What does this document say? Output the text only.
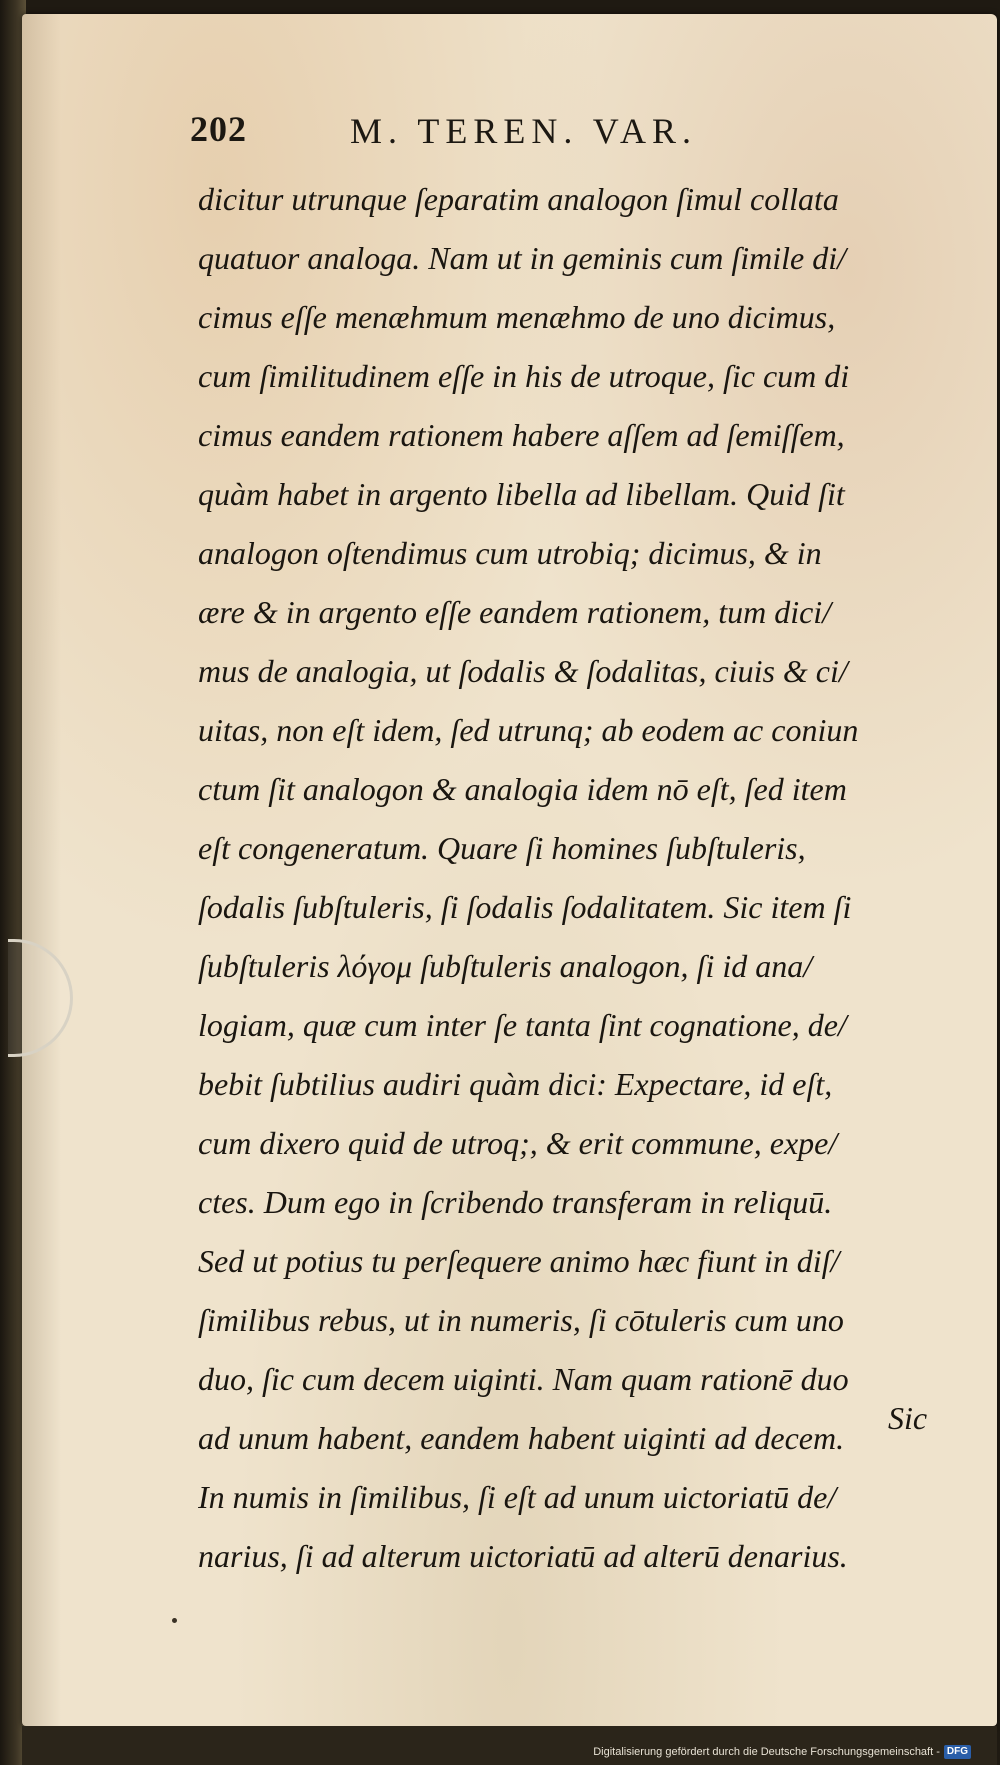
202	M. TEREN. VAR.
dicitur utrunque ſeparatim analogon ſimul collata
quatuor analoga. Nam ut in geminis cum ſimile di/
cimus eſſe menæhmum menæhmo de uno dicimus,
cum ſimilitudinem eſſe in his de utroque, ſic cum di
cimus eandem rationem habere aſſem ad ſemiſſem,
quàm habet in argento libella ad libellam. Quid ſit
analogon oſtendimus cum utrobiq; dicimus, & in
ære & in argento eſſe eandem rationem, tum dici/
mus de analogia, ut ſodalis & ſodalitas, ciuis & ci/
uitas, non eſt idem, ſed utrunq; ab eodem ac coniun
ctum ſit analogon & analogia idem nō eſt, ſed item
eſt congeneratum. Quare ſi homines ſubſtuleris,
ſodalis ſubſtuleris, ſi ſodalis ſodalitatem. Sic item ſi
ſubſtuleris λόγομ ſubſtuleris analogon, ſi id ana/
logiam, quæ cum inter ſe tanta ſint cognatione, de/
bebit ſubtilius audiri quàm dici: Expectare, id eſt,
cum dixero quid de utroq;, & erit commune, expe/
ctes. Dum ego in ſcribendo transferam in reliquū.
Sed ut potius tu perſequere animo hæc fiunt in diſ/
ſimilibus rebus, ut in numeris, ſi cōtuleris cum uno
duo, ſic cum decem uiginti. Nam quam rationē duo
ad unum habent, eandem habent uiginti ad decem.
In numis in ſimilibus, ſi eſt ad unum uictoriatū de/
narius, ſi ad alterum uictoriatū ad alterū denarius.
Sic
Digitalisierung gefördert durch die Deutsche Forschungsgemeinschaft - DFG
